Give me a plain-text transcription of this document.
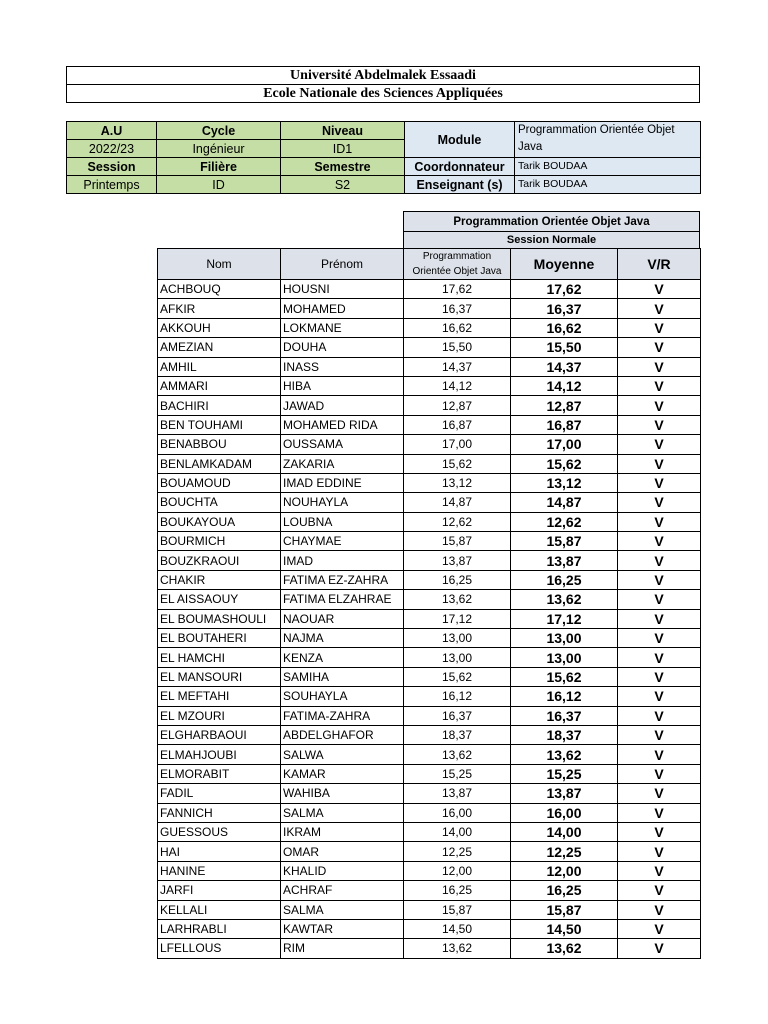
Université Abdelmalek Essaadi
Ecole Nationale des Sciences Appliquées
A.U	Cycle	Niveau	Module	Programmation Orientée Objet Java
2022/23	Ingénieur	ID1		
Session	Filière	Semestre	Coordonnateur	Tarik BOUDAA
Printemps	ID	S2	Enseignant (s)	Tarik BOUDAA
Programmation Orientée Objet Java
Session Normale
Nom	Prénom	Programmation Orientée Objet Java	Moyenne	V/R
ACHBOUQ	HOUSNI	17,62	17,62	V
AFKIR	MOHAMED	16,37	16,37	V
AKKOUH	LOKMANE	16,62	16,62	V
AMEZIAN	DOUHA	15,50	15,50	V
AMHIL	INASS	14,37	14,37	V
AMMARI	HIBA	14,12	14,12	V
BACHIRI	JAWAD	12,87	12,87	V
BEN TOUHAMI	MOHAMED RIDA	16,87	16,87	V
BENABBOU	OUSSAMA	17,00	17,00	V
BENLAMKADAM	ZAKARIA	15,62	15,62	V
BOUAMOUD	IMAD EDDINE	13,12	13,12	V
BOUCHTA	NOUHAYLA	14,87	14,87	V
BOUKAYOUA	LOUBNA	12,62	12,62	V
BOURMICH	CHAYMAE	15,87	15,87	V
BOUZKRAOUI	IMAD	13,87	13,87	V
CHAKIR	FATIMA EZ-ZAHRA	16,25	16,25	V
EL AISSAOUY	FATIMA ELZAHRAE	13,62	13,62	V
EL BOUMASHOULI	NAOUAR	17,12	17,12	V
EL BOUTAHERI	NAJMA	13,00	13,00	V
EL HAMCHI	KENZA	13,00	13,00	V
EL MANSOURI	SAMIHA	15,62	15,62	V
EL MEFTAHI	SOUHAYLA	16,12	16,12	V
EL MZOURI	FATIMA-ZAHRA	16,37	16,37	V
ELGHARBAOUI	ABDELGHAFOR	18,37	18,37	V
ELMAHJOUBI	SALWA	13,62	13,62	V
ELMORABIT	KAMAR	15,25	15,25	V
FADIL	WAHIBA	13,87	13,87	V
FANNICH	SALMA	16,00	16,00	V
GUESSOUS	IKRAM	14,00	14,00	V
HAI	OMAR	12,25	12,25	V
HANINE	KHALID	12,00	12,00	V
JARFI	ACHRAF	16,25	16,25	V
KELLALI	SALMA	15,87	15,87	V
LARHRABLI	KAWTAR	14,50	14,50	V
LFELLOUS	RIM	13,62	13,62	V
